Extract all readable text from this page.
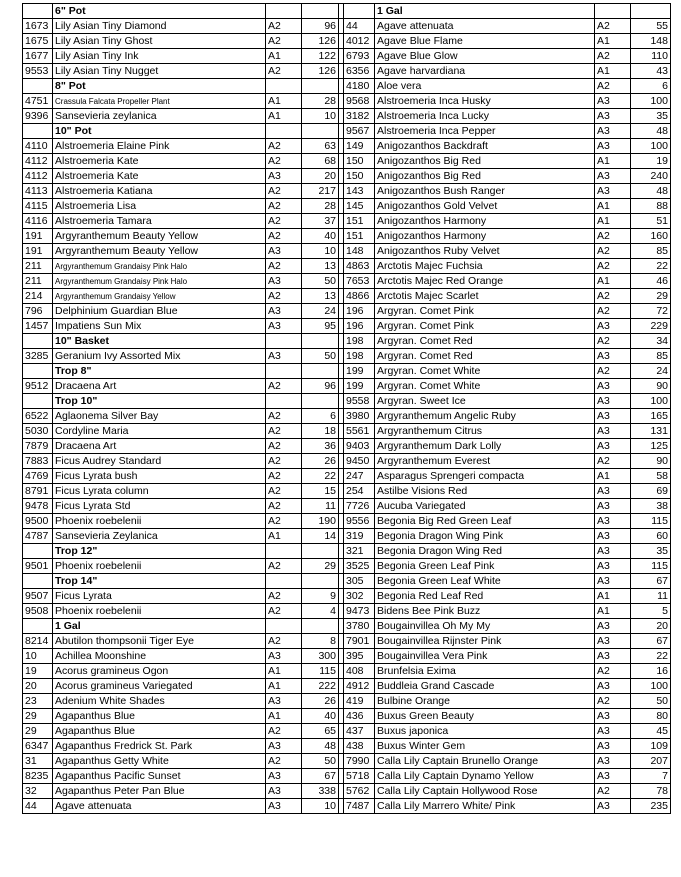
	6" Pot					1 Gal		
1673	Lily Asian Tiny Diamond	A2	96		44	Agave attenuata	A2	55
1675	Lily Asian Tiny Ghost	A2	126		4012	Agave Blue Flame	A1	148
1677	Lily Asian Tiny Ink	A1	122		6793	Agave Blue Glow	A2	110
9553	Lily Asian Tiny Nugget	A2	126		6356	Agave harvardiana	A1	43
	8" Pot				4180	Aloe vera	A2	6
4751	Crassula Falcata Propeller Plant	A1	28		9568	Alstroemeria Inca Husky	A3	100
9396	Sansevieria zeylanica	A1	10		3182	Alstroemeria Inca Lucky	A3	35
	10" Pot				9567	Alstroemeria Inca Pepper	A3	48
4110	Alstroemeria Elaine Pink	A2	63		149	Anigozanthos Backdraft	A3	100
4112	Alstroemeria Kate	A2	68		150	Anigozanthos Big Red	A1	19
4112	Alstroemeria Kate	A3	20		150	Anigozanthos Big Red	A3	240
4113	Alstroemeria Katiana	A2	217		143	Anigozanthos Bush Ranger	A3	48
4115	Alstroemeria Lisa	A2	28		145	Anigozanthos Gold Velvet	A1	88
4116	Alstroemeria Tamara	A2	37		151	Anigozanthos Harmony	A1	51
191	Argyranthemum Beauty Yellow	A2	40		151	Anigozanthos Harmony	A2	160
191	Argyranthemum Beauty Yellow	A3	10		148	Anigozanthos Ruby Velvet	A2	85
211	Argyranthemum Grandaisy Pink Halo	A2	13		4863	Arctotis Majec Fuchsia	A2	22
211	Argyranthemum Grandaisy Pink Halo	A3	50		7653	Arctotis Majec Red Orange	A1	46
214	Argyranthemum Grandaisy Yellow	A2	13		4866	Arctotis Majec Scarlet	A2	29
796	Delphinium Guardian Blue	A3	24		196	Argyran. Comet Pink	A2	72
1457	Impatiens Sun Mix	A3	95		196	Argyran. Comet Pink	A3	229
	10" Basket				198	Argyran. Comet Red	A2	34
3285	Geranium Ivy Assorted Mix	A3	50		198	Argyran. Comet Red	A3	85
	Trop 8"				199	Argyran. Comet White	A2	24
9512	Dracaena Art	A2	96		199	Argyran. Comet White	A3	90
	Trop 10"				9558	Argyran. Sweet Ice	A3	100
6522	Aglaonema Silver Bay	A2	6		3980	Argyranthemum Angelic Ruby	A3	165
5030	Cordyline Maria	A2	18		5561	Argyranthemum Citrus	A3	131
7879	Dracaena Art	A2	36		9403	Argyranthemum Dark Lolly	A3	125
7883	Ficus Audrey Standard	A2	26		9450	Argyranthemum Everest	A2	90
4769	Ficus Lyrata bush	A2	22		247	Asparagus Sprengeri compacta	A1	58
8791	Ficus Lyrata column	A2	15		254	Astilbe Visions Red	A3	69
9478	Ficus Lyrata Std	A2	11		7726	Aucuba Variegated	A3	38
9500	Phoenix roebelenii	A2	190		9556	Begonia Big Red Green Leaf	A3	115
4787	Sansevieria Zeylanica	A1	14		319	Begonia Dragon Wing Pink	A3	60
	Trop 12"				321	Begonia Dragon Wing Red	A3	35
9501	Phoenix roebelenii	A2	29		3525	Begonia Green Leaf Pink	A3	115
	Trop 14"				305	Begonia Green Leaf White	A3	67
9507	Ficus Lyrata	A2	9		302	Begonia Red Leaf Red	A1	11
9508	Phoenix roebelenii	A2	4		9473	Bidens Bee Pink Buzz	A1	5
	1 Gal				3780	Bougainvillea Oh My My	A3	20
8214	Abutilon thompsonii Tiger Eye	A2	8		7901	Bougainvillea Rijnster Pink	A3	67
10	Achillea Moonshine	A3	300		395	Bougainvillea Vera Pink	A3	22
19	Acorus gramineus Ogon	A1	115		408	Brunfelsia Exima	A2	16
20	Acorus gramineus Variegated	A1	222		4912	Buddleia Grand Cascade	A3	100
23	Adenium White Shades	A3	26		419	Bulbine Orange	A2	50
29	Agapanthus Blue	A1	40		436	Buxus Green Beauty	A3	80
29	Agapanthus Blue	A2	65		437	Buxus japonica	A3	45
6347	Agapanthus Fredrick St. Park	A3	48		438	Buxus Winter Gem	A3	109
31	Agapanthus Getty White	A2	50		7990	Calla Lily Captain Brunello Orange	A3	207
8235	Agapanthus Pacific Sunset	A3	67		5718	Calla Lily Captain Dynamo Yellow	A3	7
32	Agapanthus Peter Pan Blue	A3	338		5762	Calla Lily Captain Hollywood Rose	A2	78
44	Agave attenuata	A3	10		7487	Calla Lily Marrero White/ Pink	A3	235
